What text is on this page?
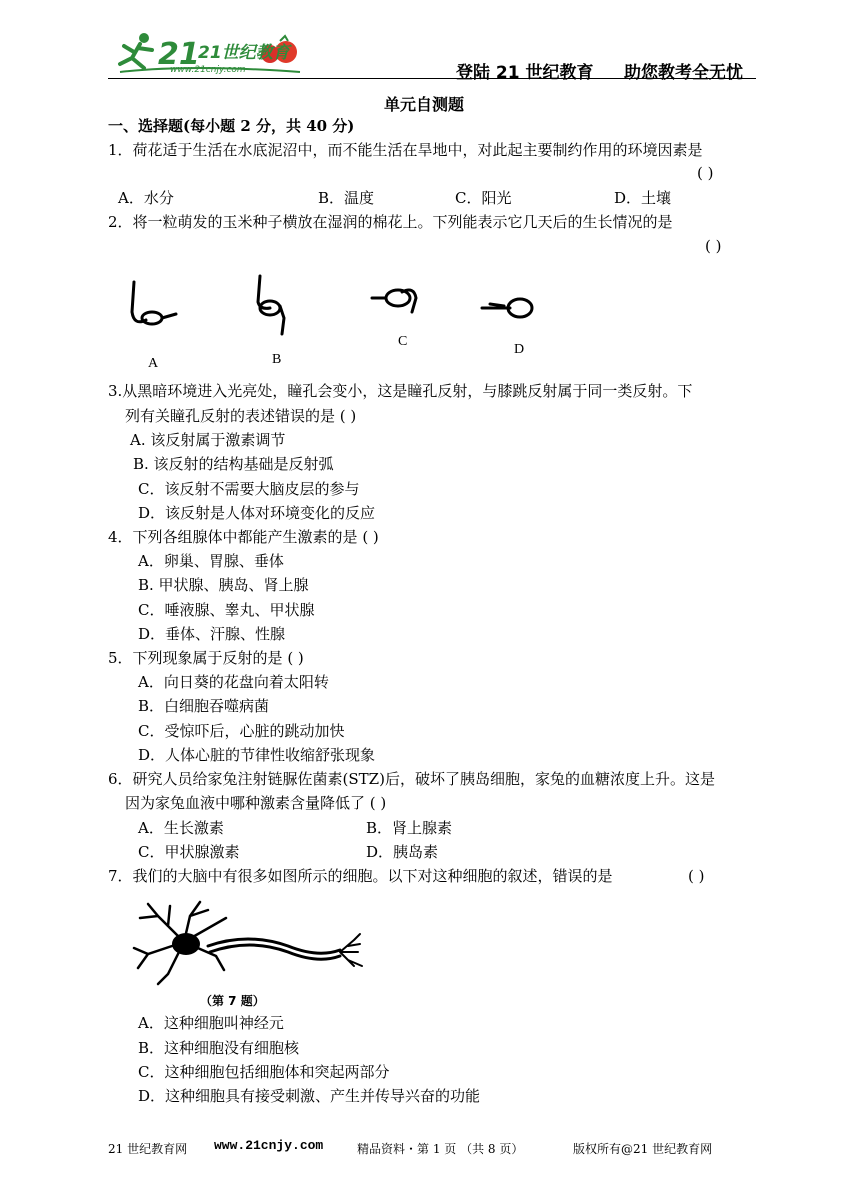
21
21世纪教育
www.21cnjy.com	登陆 21 世纪教育 助您教考全无忧
单元自测题
一、选择题(每小题 2 分，共 40 分)
1．荷花适于生活在水底泥沼中，而不能生活在旱地中，对此起主要制约作用的环境因素是
( )
A．水分	B．温度	C．阳光	D．土壤
2．将一粒萌发的玉米种子横放在湿润的棉花上。下列能表示它几天后的生长情况的是
( )
A	B
C
D
3.从黑暗环境进入光亮处，瞳孔会变小，这是瞳孔反射，与膝跳反射属于同一类反射。下
列有关瞳孔反射的表述错误的是 ( )
A. 该反射属于激素调节
B. 该反射的结构基础是反射弧
C．该反射不需要大脑皮层的参与
D．该反射是人体对环境变化的反应
4．下列各组腺体中都能产生激素的是 ( )
A．卵巢、胃腺、垂体
B. 甲状腺、胰岛、肾上腺
C．唾液腺、睾丸、甲状腺
D．垂体、汗腺、性腺
5．下列现象属于反射的是 ( )
A．向日葵的花盘向着太阳转
B．白细胞吞噬病菌
C．受惊吓后，心脏的跳动加快
D．人体心脏的节律性收缩舒张现象
6．研究人员给家兔注射链脲佐菌素(STZ)后，破坏了胰岛细胞，家兔的血糖浓度上升。这是
因为家兔血液中哪种激素含量降低了 ( )
A．生长激素	B．肾上腺素
C．甲状腺激素	D．胰岛素
7．我们的大脑中有很多如图所示的细胞。以下对这种细胞的叙述，错误的是	( )
（第 7 题）
A．这种细胞叫神经元
B．这种细胞没有细胞核
C．这种细胞包括细胞体和突起两部分
D．这种细胞具有接受刺激、产生并传导兴奋的功能
21 世纪教育网 www.21cnjy.com	精品资料・第 1 页 （共 8 页）	版权所有@21 世纪教育网
